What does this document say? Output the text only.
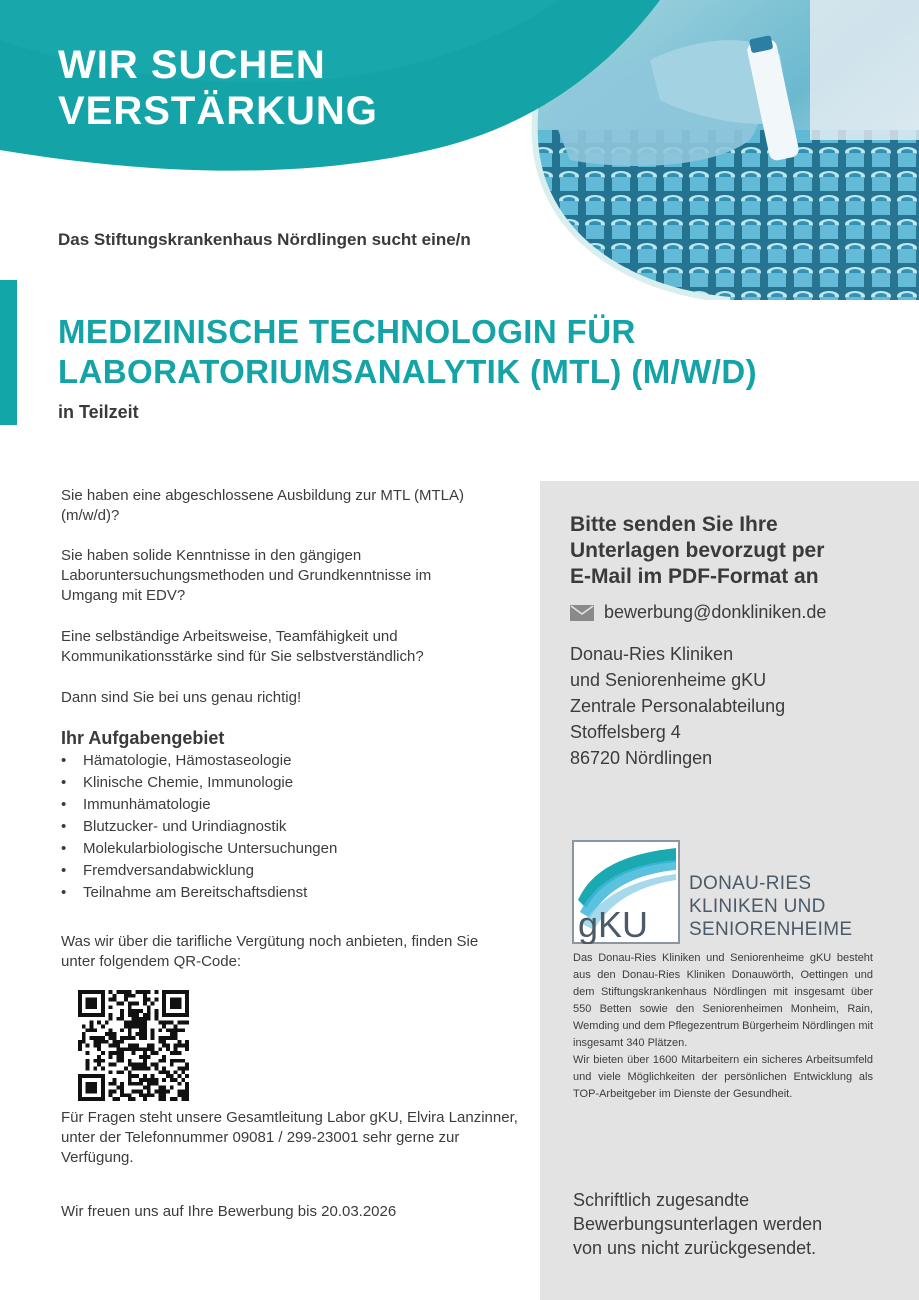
WIR SUCHEN
VERSTÄRKUNG
Das Stiftungskrankenhaus Nördlingen sucht eine/n
MEDIZINISCHE TECHNOLOGIN FÜR
LABORATORIUMSANALYTIK (MTL) (M/W/D)
in Teilzeit
Sie haben eine abgeschlossene Ausbildung zur MTL (MTLA)
(m/w/d)?
Sie haben solide Kenntnisse in den gängigen
Laboruntersuchungsmethoden und Grundkenntnisse im
Umgang mit EDV?
Eine selbständige Arbeitsweise, Teamfähigkeit und
Kommunikationsstärke sind für Sie selbstverständlich?
Dann sind Sie bei uns genau richtig!
Ihr Aufgabengebiet
• Hämatologie, Hämostaseologie
• Klinische Chemie, Immunologie
• Immunhämatologie
• Blutzucker- und Urindiagnostik
• Molekularbiologische Untersuchungen
• Fremdversandabwicklung
• Teilnahme am Bereitschaftsdienst
Was wir über die tarifliche Vergütung noch anbieten, finden Sie
unter folgendem QR-Code:
Für Fragen steht unsere Gesamtleitung Labor gKU, Elvira Lanzinner,
unter der Telefonnummer 09081 / 299-23001 sehr gerne zur
Verfügung.
Wir freuen uns auf Ihre Bewerbung bis 20.03.2026
Bitte senden Sie Ihre
Unterlagen bevorzugt per
E-Mail im PDF-Format an
bewerbung@donkliniken.de
Donau-Ries Kliniken
und Seniorenheime gKU
Zentrale Personalabteilung
Stoffelsberg 4
86720 Nördlingen
gKU
DONAU-RIES
KLINIKEN UND
SENIORENHEIME

Das Donau-Ries Kliniken und Seniorenheime gKU besteht aus den Donau-Ries Kliniken Donauwörth, Oettingen und dem Stiftungskrankenhaus Nördlingen mit insgesamt über 550 Betten sowie den Seniorenheimen Monheim, Rain, Wemding und dem Pflegezentrum Bürgerheim Nördlingen mit insgesamt 340 Plätzen.

Wir bieten über 1600 Mitarbeitern ein sicheres Arbeitsumfeld und viele Möglichkeiten der persönlichen Entwicklung als TOP-Arbeitgeber im Dienste der Gesundheit.

Schriftlich zugesandte
Bewerbungsunterlagen werden
von uns nicht zurückgesendet.
